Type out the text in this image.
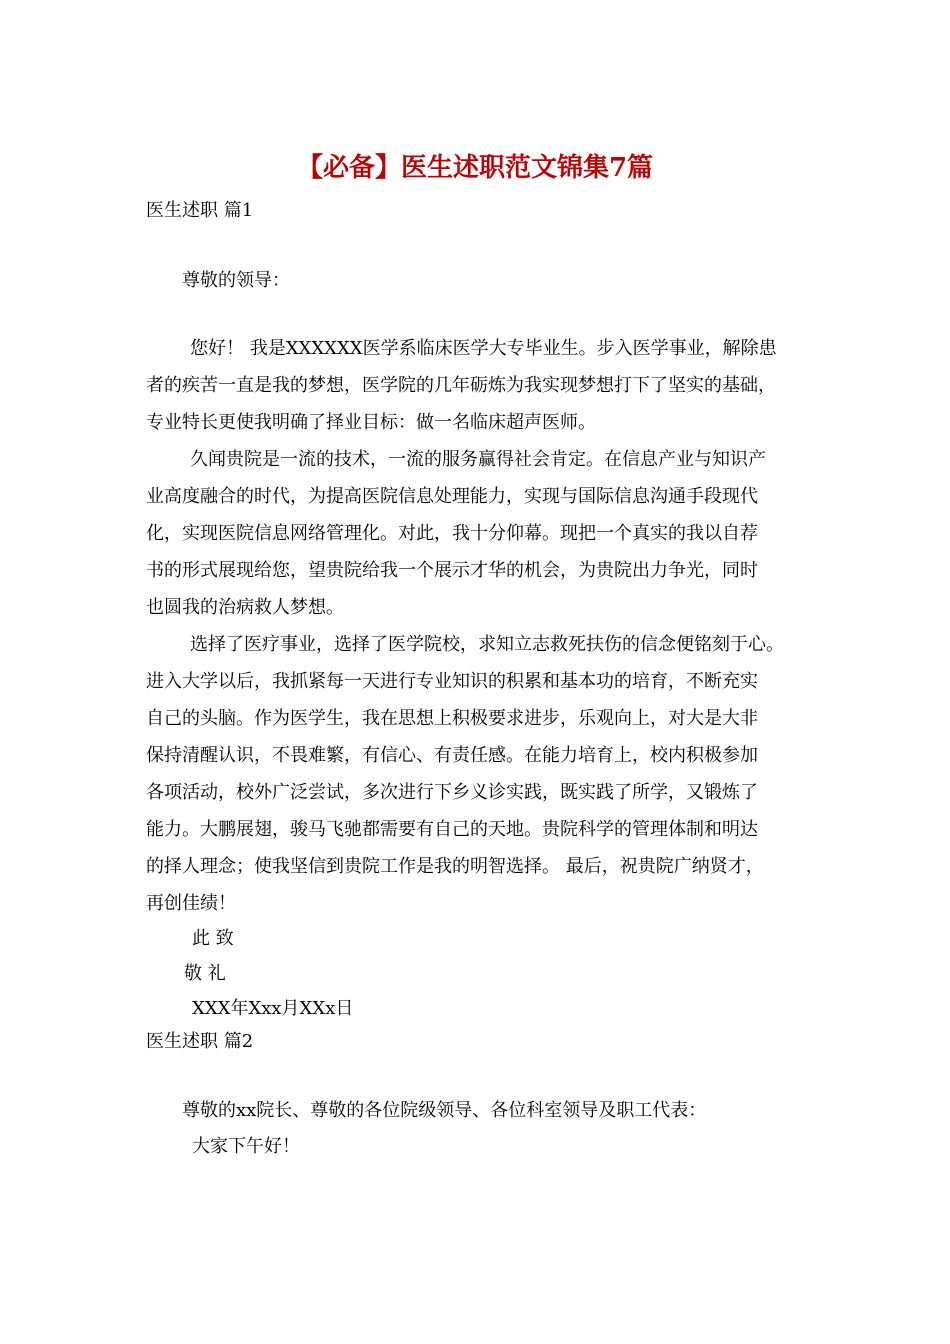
【必备】医生述职范文锦集7篇
医生述职 篇1
尊敬的领导：
您好！ 我是XXXXXX医学系临床医学大专毕业生。步入医学事业，解除患
者的疾苦一直是我的梦想，医学院的几年砺炼为我实现梦想打下了坚实的基础，
专业特长更使我明确了择业目标：做一名临床超声医师。
久闻贵院是一流的技术，一流的服务赢得社会肯定。在信息产业与知识产
业高度融合的时代，为提高医院信息处理能力，实现与国际信息沟通手段现代
化，实现医院信息网络管理化。对此，我十分仰幕。现把一个真实的我以自荐
书的形式展现给您，望贵院给我一个展示才华的机会，为贵院出力争光，同时
也圆我的治病救人梦想。
选择了医疗事业，选择了医学院校，求知立志救死扶伤的信念便铭刻于心。
进入大学以后，我抓紧每一天进行专业知识的积累和基本功的培育，不断充实
自己的头脑。作为医学生，我在思想上积极要求进步，乐观向上，对大是大非
保持清醒认识，不畏难繁，有信心、有责任感。在能力培育上，校内积极参加
各项活动，校外广泛尝试，多次进行下乡义诊实践，既实践了所学，又锻炼了
能力。大鹏展翅，骏马飞驰都需要有自己的天地。贵院科学的管理体制和明达
的择人理念；使我坚信到贵院工作是我的明智选择。 最后，祝贵院广纳贤才，
再创佳绩！
此 致
敬 礼
XXX年Xxx月XXx日
医生述职 篇2
尊敬的xx院长、尊敬的各位院级领导、各位科室领导及职工代表：
大家下午好！
